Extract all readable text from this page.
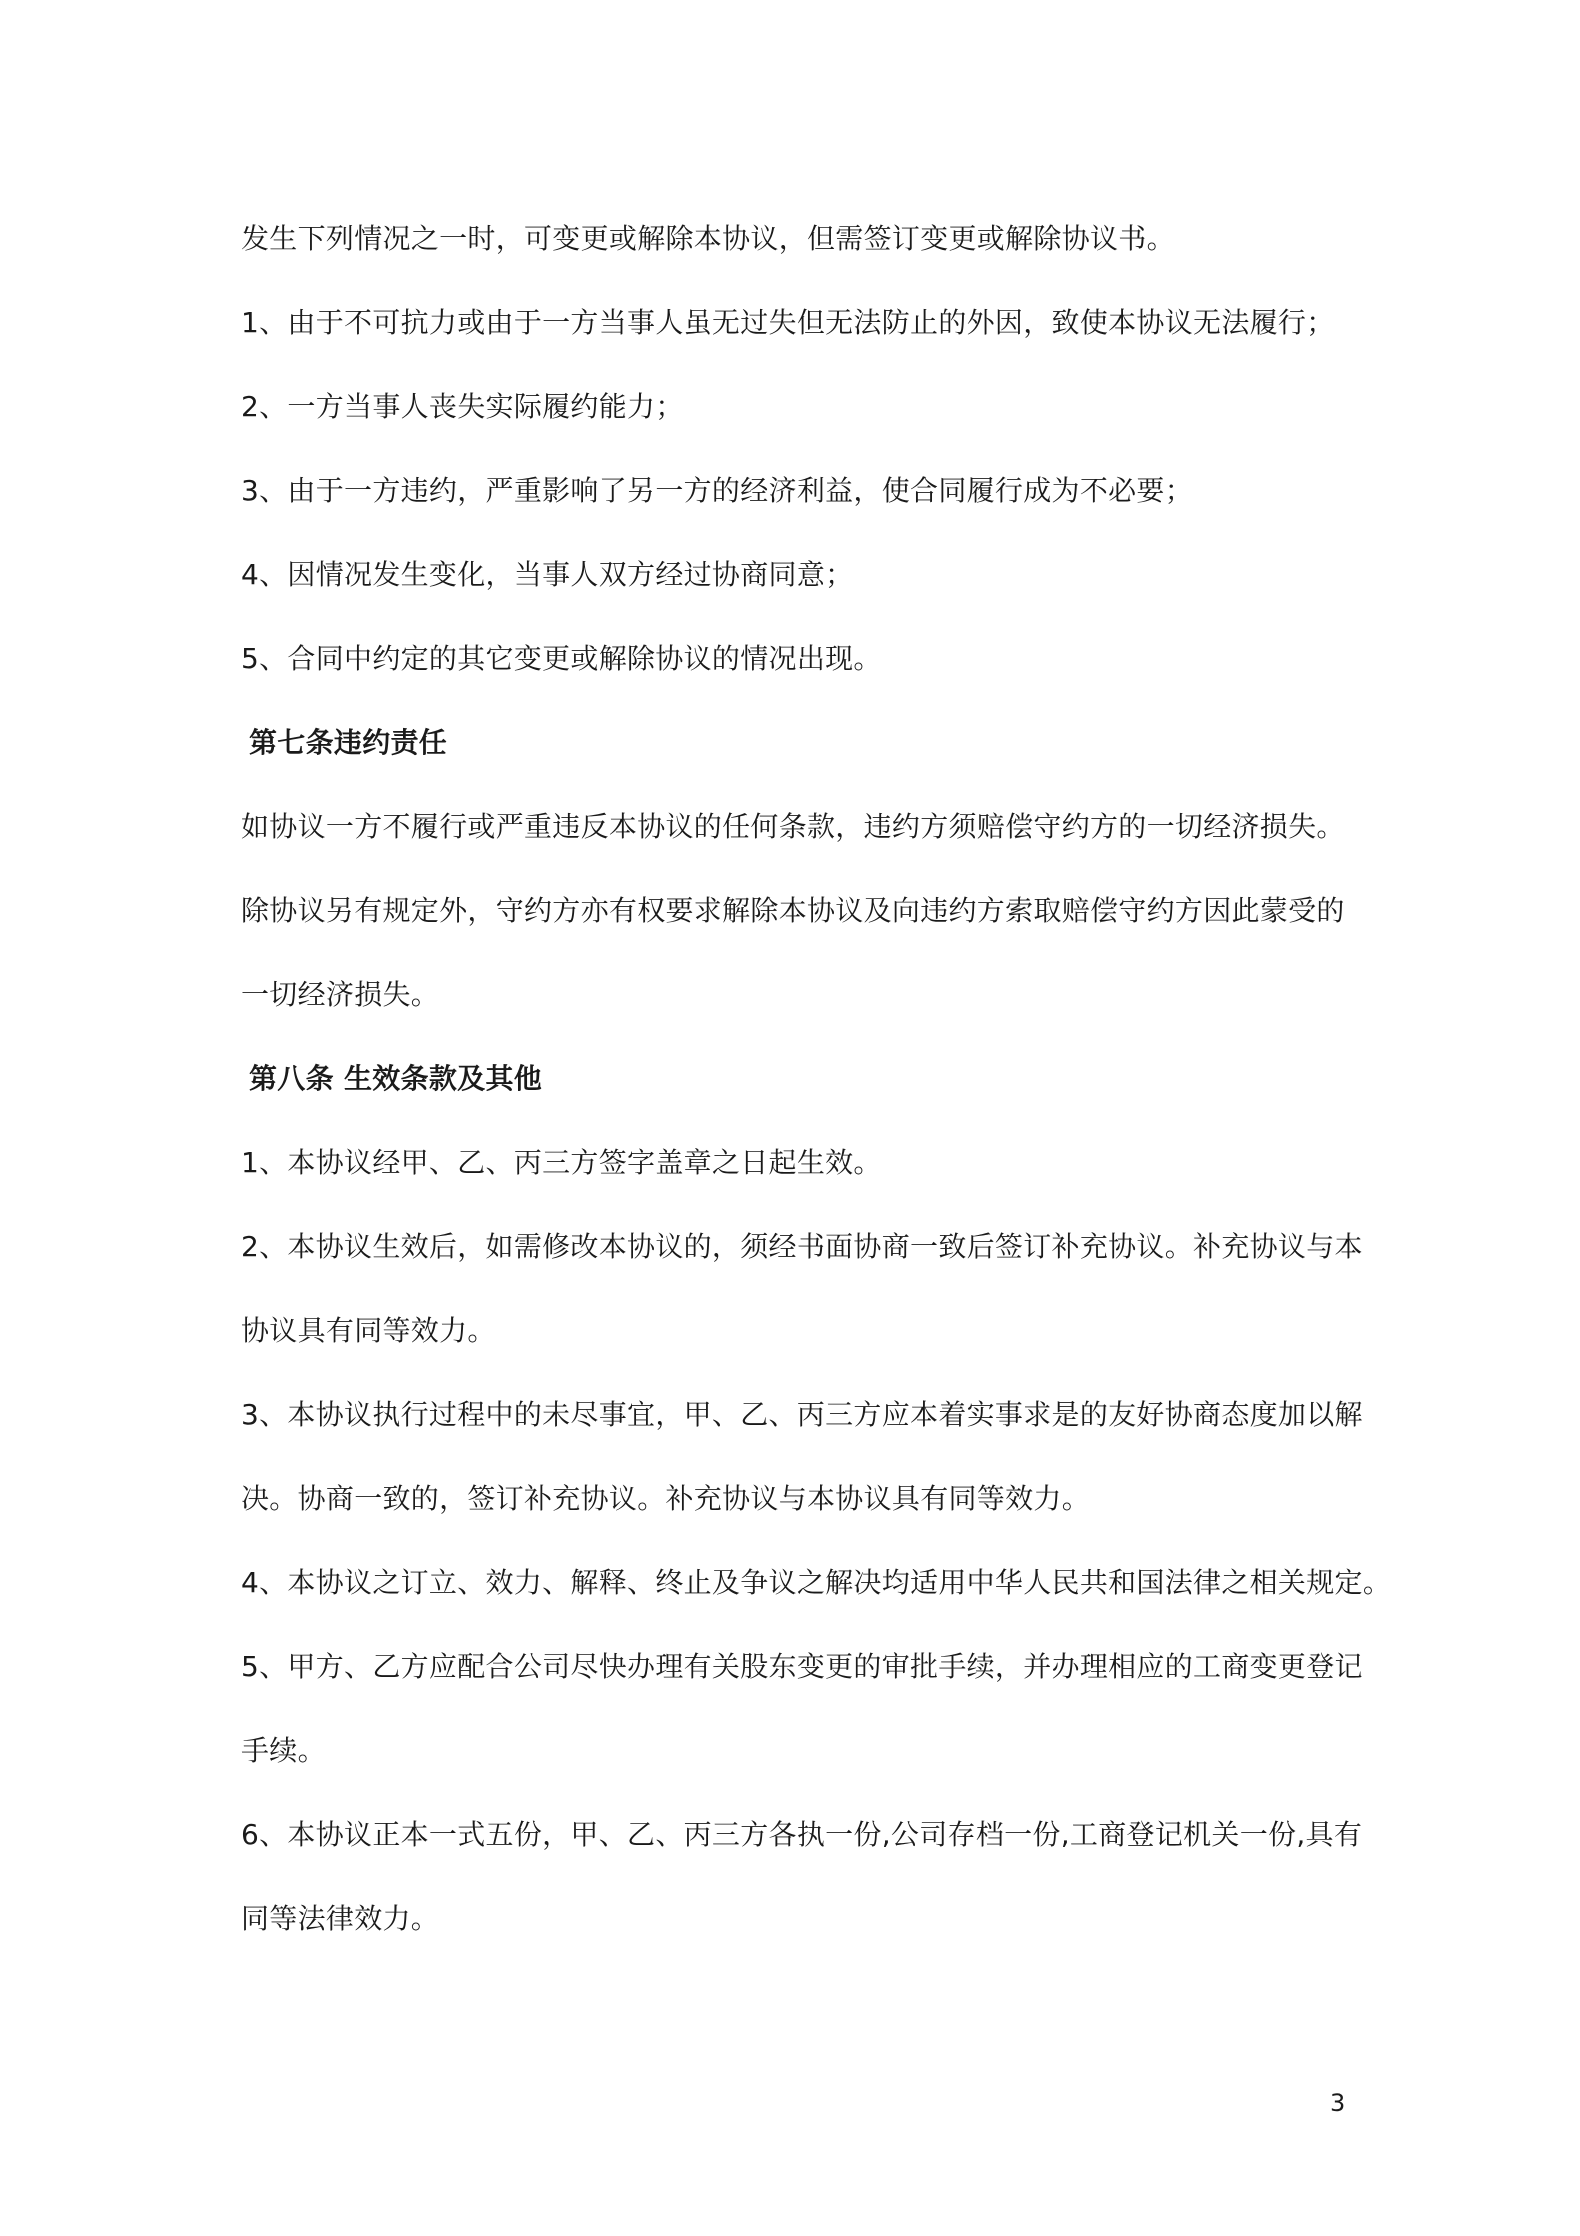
发生下列情况之一时，可变更或解除本协议，但需签订变更或解除协议书。
1、由于不可抗力或由于一方当事人虽无过失但无法防止的外因，致使本协议无法履行；
2、一方当事人丧失实际履约能力；
3、由于一方违约，严重影响了另一方的经济利益，使合同履行成为不必要；
4、因情况发生变化，当事人双方经过协商同意；
5、合同中约定的其它变更或解除协议的情况出现。
第七条违约责任
如协议一方不履行或严重违反本协议的任何条款，违约方须赔偿守约方的一切经济损失。
除协议另有规定外，守约方亦有权要求解除本协议及向违约方索取赔偿守约方因此蒙受的
一切经济损失。
第八条 生效条款及其他
1、本协议经甲、乙、丙三方签字盖章之日起生效。
2、本协议生效后，如需修改本协议的，须经书面协商一致后签订补充协议。补充协议与本
协议具有同等效力。
3、本协议执行过程中的未尽事宜，甲、乙、丙三方应本着实事求是的友好协商态度加以解
决。协商一致的，签订补充协议。补充协议与本协议具有同等效力。
4、本协议之订立、效力、解释、终止及争议之解决均适用中华人民共和国法律之相关规定。
5、甲方、乙方应配合公司尽快办理有关股东变更的审批手续，并办理相应的工商变更登记
手续。
6、本协议正本一式五份，甲、乙、丙三方各执一份,公司存档一份,工商登记机关一份,具有
同等法律效力。
3
